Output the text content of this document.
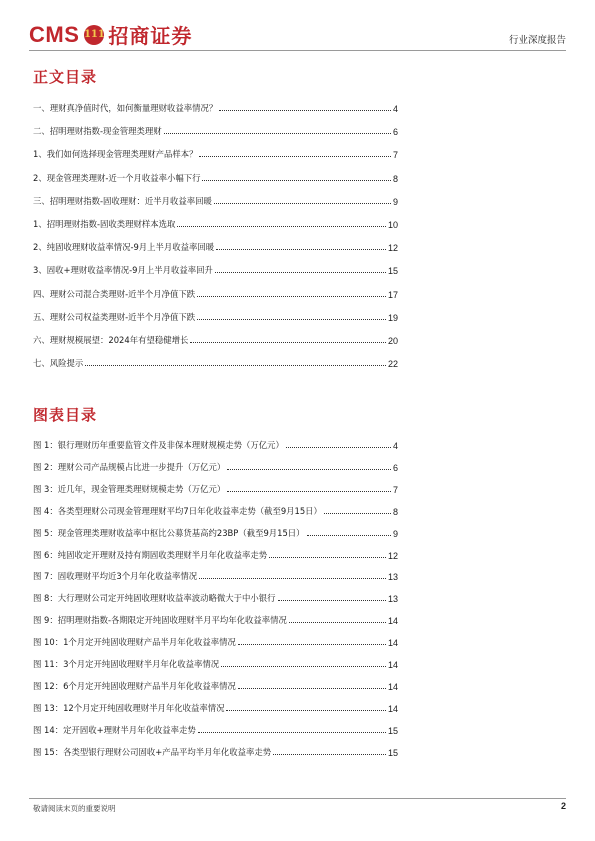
CMS 111 招商证券	行业深度报告
正文目录
一、理财真净值时代，如何衡量理财收益率情况？	4
二、招明理财指数-现金管理类理财	6
1、我们如何选择现金管理类理财产品样本？	7
2、现金管理类理财-近一个月收益率小幅下行	8
三、招明理财指数-固收理财：近半月收益率回暖	9
1、招明理财指数-固收类理财样本选取	10
2、纯固收理财收益率情况-9月上半月收益率回暖	12
3、固收+理财收益率情况-9月上半月收益率回升	15
四、理财公司混合类理财-近半个月净值下跌	17
五、理财公司权益类理财-近半个月净值下跌	19
六、理财规模展望：2024年有望稳健增长	20
七、风险提示	22
图表目录
图 1：银行理财历年重要监管文件及非保本理财规模走势（万亿元）	4
图 2：理财公司产品规模占比进一步提升（万亿元）	6
图 3：近几年，现金管理类理财规模走势（万亿元）	7
图 4：各类型理财公司现金管理理财平均7日年化收益率走势（截至9月15日）	8
图 5：现金管理类理财收益率中枢比公募货基高约23BP（截至9月15日）	9
图 6：纯固收定开理财及持有期固收类理财半月年化收益率走势	12
图 7：固收理财平均近3个月年化收益率情况	13
图 8：大行理财公司定开纯固收理财收益率波动略微大于中小银行	13
图 9：招明理财指数-各期限定开纯固收理财半月平均年化收益率情况	14
图 10：1个月定开纯固收理财产品半月年化收益率情况	14
图 11：3个月定开纯固收理财半月年化收益率情况	14
图 12：6个月定开纯固收理财产品半月年化收益率情况	14
图 13：12个月定开纯固收理财半月年化收益率情况	14
图 14：定开固收+理财半月年化收益率走势	15
图 15：各类型银行理财公司固收+产品平均半月年化收益率走势	15
敬请阅读末页的重要说明	2
